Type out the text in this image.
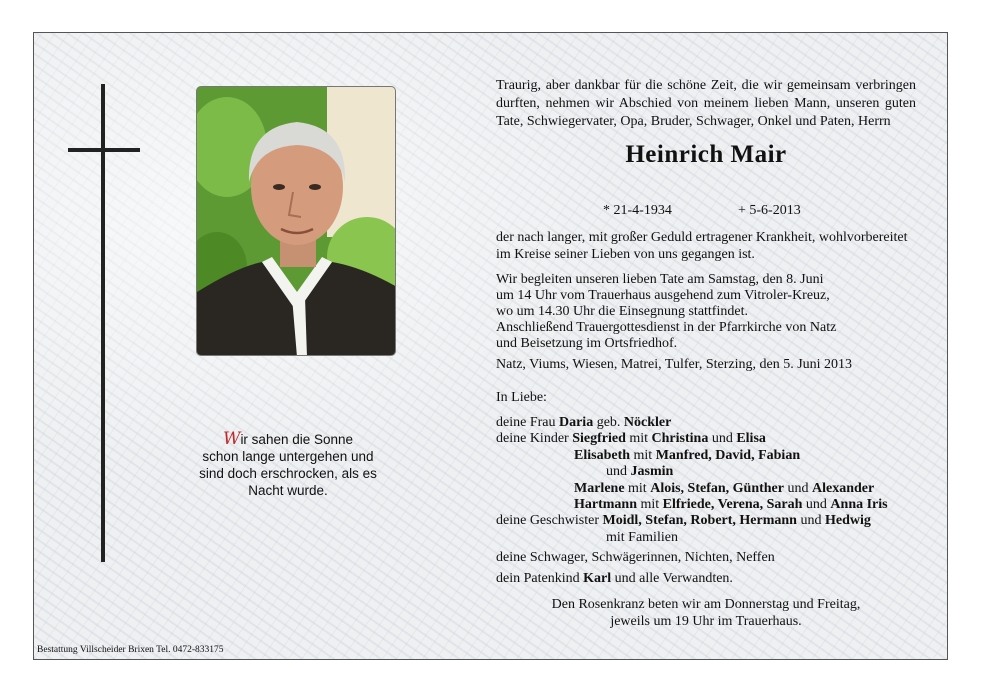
Wir sahen die Sonne
schon lange untergehen und
sind doch erschrocken, als es
Nacht wurde.
Bestattung Villscheider Brixen Tel. 0472-833175
Traurig, aber dankbar für die schöne Zeit, die wir gemeinsam verbringen durften, nehmen wir Abschied von meinem lieben Mann, unseren guten Tate, Schwiegervater, Opa, Bruder, Schwager, Onkel und Paten, Herrn
Heinrich Mair
* 21-4-1934	+ 5-6-2013
der nach langer, mit großer Geduld ertragener Krankheit, wohlvorbereitet im Kreise seiner Lieben von uns gegangen ist.
Wir begleiten unseren lieben Tate am Samstag, den 8. Juni
um 14 Uhr vom Trauerhaus ausgehend zum Vitroler-Kreuz,
wo um 14.30 Uhr die Einsegnung stattfindet.
Anschließend Trauergottesdienst in der Pfarrkirche von Natz
und Beisetzung im Ortsfriedhof.
Natz, Viums, Wiesen, Matrei, Tulfer, Sterzing, den 5. Juni 2013
In Liebe:
deine Frau Daria geb. Nöckler
deine Kinder Siegfried mit Christina und Elisa
Elisabeth mit Manfred, David, Fabian
und Jasmin
Marlene mit Alois, Stefan, Günther und Alexander
Hartmann mit Elfriede, Verena, Sarah und Anna Iris
deine Geschwister Moidl, Stefan, Robert, Hermann und Hedwig
mit Familien
deine Schwager, Schwägerinnen, Nichten, Neffen
dein Patenkind Karl und alle Verwandten.
Den Rosenkranz beten wir am Donnerstag und Freitag,
jeweils um 19 Uhr im Trauerhaus.
